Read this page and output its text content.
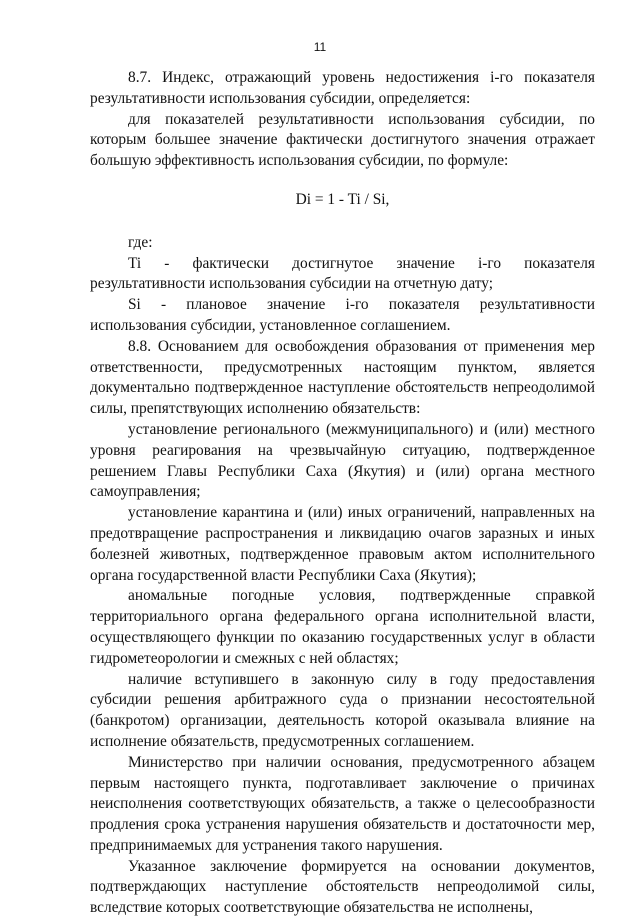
11

8.7. Индекс, отражающий уровень недостижения i-го показателя результативности использования субсидии, определяется:

для показателей результативности использования субсидии, по которым большее значение фактически достигнутого значения отражает большую эффективность использования субсидии, по формуле:

Di = 1 - Ti / Si,

где:

Ti - фактически достигнутое значение i-го показателя результативности использования субсидии на отчетную дату;

Si - плановое значение i-го показателя результативности использования субсидии, установленное соглашением.

8.8. Основанием для освобождения образования от применения мер ответственности, предусмотренных настоящим пунктом, является документально подтвержденное наступление обстоятельств непреодолимой силы, препятствующих исполнению обязательств:

установление регионального (межмуниципального) и (или) местного уровня реагирования на чрезвычайную ситуацию, подтвержденное решением Главы Республики Саха (Якутия) и (или) органа местного самоуправления;

установление карантина и (или) иных ограничений, направленных на предотвращение распространения и ликвидацию очагов заразных и иных болезней животных, подтвержденное правовым актом исполнительного органа государственной власти Республики Саха (Якутия);

аномальные погодные условия, подтвержденные справкой территориального органа федерального органа исполнительной власти, осуществляющего функции по оказанию государственных услуг в области гидрометеорологии и смежных с ней областях;

наличие вступившего в законную силу в году предоставления субсидии решения арбитражного суда о признании несостоятельной (банкротом) организации, деятельность которой оказывала влияние на исполнение обязательств, предусмотренных соглашением.

Министерство при наличии основания, предусмотренного абзацем первым настоящего пункта, подготавливает заключение о причинах неисполнения соответствующих обязательств, а также о целесообразности продления срока устранения нарушения обязательств и достаточности мер, предпринимаемых для устранения такого нарушения.

Указанное заключение формируется на основании документов, подтверждающих наступление обстоятельств непреодолимой силы, вследствие которых соответствующие обязательства не исполнены,
